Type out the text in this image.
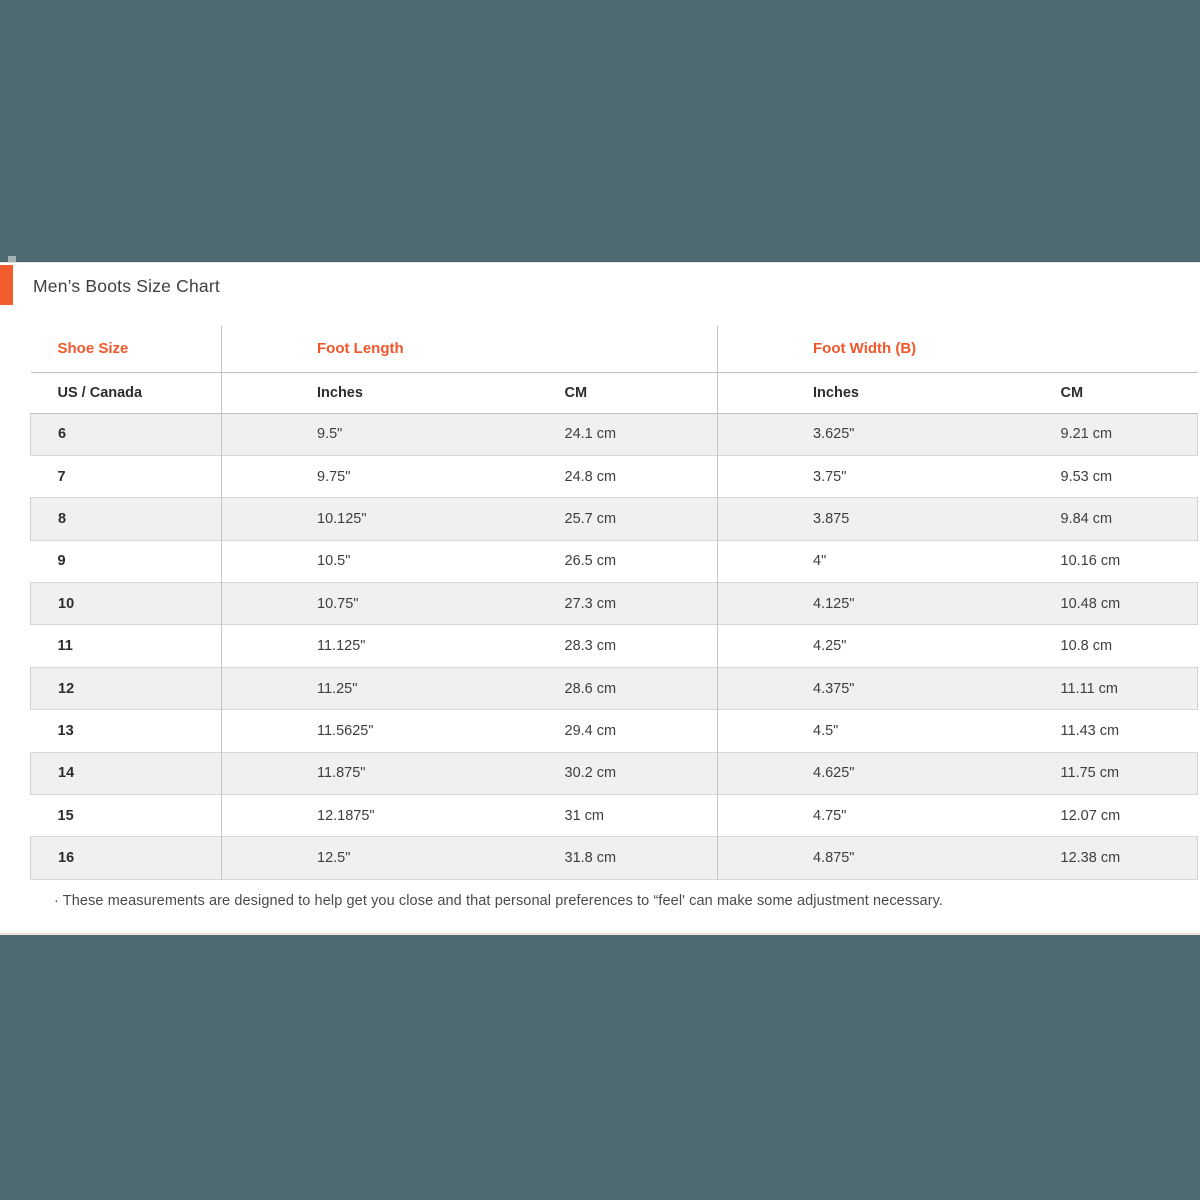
Men’s Boots Size Chart
Shoe Size	Foot Length		Foot Width (B)	
US / Canada	Inches	CM	Inches	CM
6	9.5"	24.1 cm	3.625"	9.21 cm
7	9.75"	24.8 cm	3.75"	9.53 cm
8	10.125"	25.7 cm	3.875	9.84 cm
9	10.5"	26.5 cm	4"	10.16 cm
10	10.75"	27.3 cm	4.125"	10.48 cm
11	11.125"	28.3 cm	4.25"	10.8 cm
12	11.25"	28.6 cm	4.375"	11.11 cm
13	11.5625"	29.4 cm	4.5"	11.43 cm
14	11.875"	30.2 cm	4.625"	11.75 cm
15	12.1875"	31 cm	4.75"	12.07 cm
16	12.5"	31.8 cm	4.875"	12.38 cm
· These measurements are designed to help get you close and that personal preferences to “feel' can make some adjustment necessary.
